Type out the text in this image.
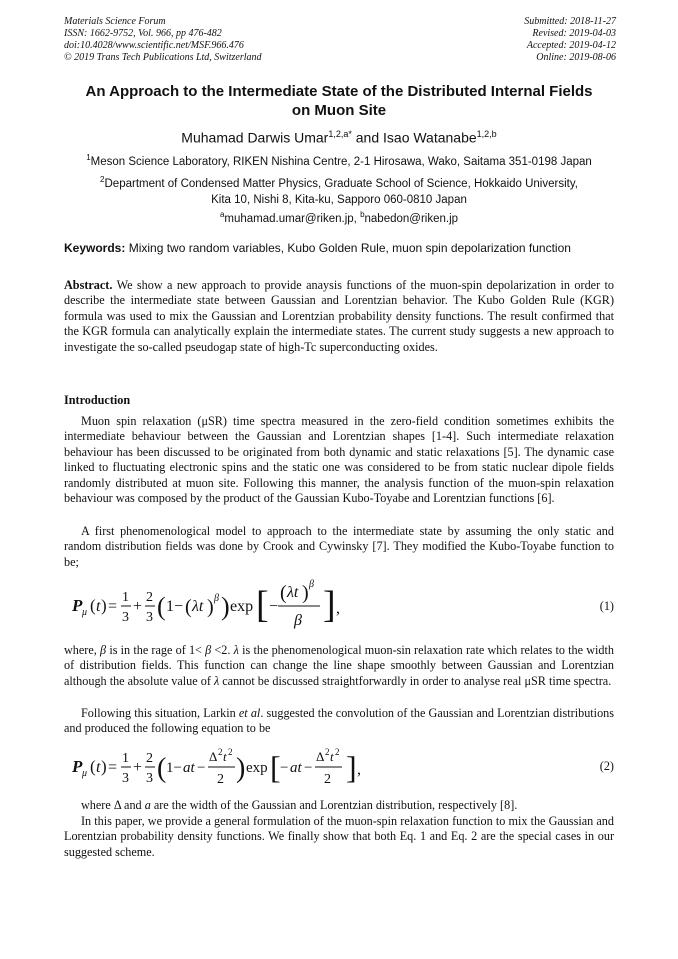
Materials Science Forum
ISSN: 1662-9752, Vol. 966, pp 476-482
doi:10.4028/www.scientific.net/MSF.966.476
© 2019 Trans Tech Publications Ltd, Switzerland
Submitted: 2018-11-27
Revised: 2019-04-03
Accepted: 2019-04-12
Online: 2019-08-06
An Approach to the Intermediate State of the Distributed Internal Fields
on Muon Site
Muhamad Darwis Umar$^{1,2,a*}$ and Isao Watanabe$^{1,2,b}$
$^1$Meson Science Laboratory, RIKEN Nishina Centre, 2-1 Hirosawa, Wako, Saitama 351-0198 Japan
$^2$Department of Condensed Matter Physics, Graduate School of Science, Hokkaido University,
Kita 10, Nishi 8, Kita-ku, Sapporo 060-0810 Japan
$^a$muhamad.umar@riken.jp, $^b$nabedon@riken.jp
Keywords: Mixing two random variables, Kubo Golden Rule, muon spin depolarization function
Abstract. We show a new approach to provide anaysis functions of the muon-spin depolarization in order to describe the intermediate state between Gaussian and Lorentzian behavior. The Kubo Golden Rule (KGR) formula was used to mix the Gaussian and Lorentzian probability density functions. The result confirmed that the KGR formula can analytically explain the intermediate states. The current study suggests a new approach to investigate the so-called pseudogap state of high-Tc superconducting oxides.
Introduction
Muon spin relaxation (μSR) time spectra measured in the zero-field condition sometimes exhibits the intermediate behaviour between the Gaussian and Lorentzian shapes [1-4]. Such intermediate relaxation behaviour has been discussed to be originated from both dynamic and static relaxations [5]. The dynamic case linked to fluctuating electronic spins and the static one was considered to be from static nuclear dipole fields randomly distributed at muon site. Following this manner, the analysis function of the muon-spin relaxation behaviour was composed by the product of the Gaussian Kubo-Toyabe and Lorentzian functions [6].
A first phenomenological model to approach to the intermediate state by assuming the only static and random distribution fields was done by Crook and Cywinsky [7]. They modified the Kubo-Toyabe function to be;
P μ ( t ) =
1
3
+
2
3 ( 1− ( λt ) β ) exp [ −
( λt ) β
β ] ,	(1)
where, β is in the rage of 1< β <2. λ is the phenomenological muon-sin relaxation rate which relates to the width of distribution fields. This function can change the line shape smoothly between Gaussian and Lorentzian although the absolute value of λ cannot be discussed straightforwardly in order to analyse real μSR time spectra.
Following this situation, Larkin et al. suggested the convolution of the Gaussian and Lorentzian distributions and produced the following equation to be
P μ ( t ) =
1
3
+
2
3 ( 1− at −
Δ 2 t 2
2 ) exp [ − at −
Δ 2 t 2
2 ] ,	(2)
where Δ and a are the width of the Gaussian and Lorentzian distribution, respectively [8].
In this paper, we provide a general formulation of the muon-spin relaxation function to mix the Gaussian and Lorentzian probability density functions. We finally show that both Eq. 1 and Eq. 2 are the special cases in our suggested scheme.
